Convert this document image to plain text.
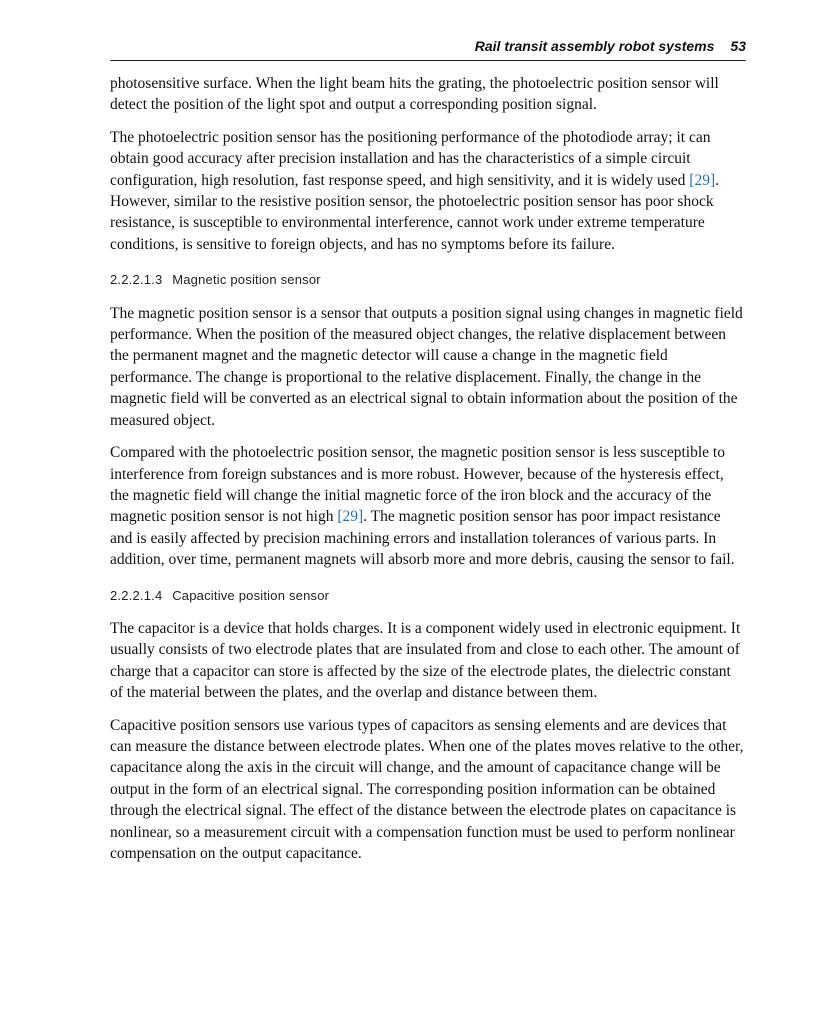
Rail transit assembly robot systems 53

photosensitive surface. When the light beam hits the grating, the photoelectric position sensor will detect the position of the light spot and output a corresponding position signal.

The photoelectric position sensor has the positioning performance of the photodiode array; it can obtain good accuracy after precision installation and has the characteristics of a simple circuit configuration, high resolution, fast response speed, and high sensitivity, and it is widely used [29]. However, similar to the resistive position sensor, the photoelectric position sensor has poor shock resistance, is susceptible to environmental interference, cannot work under extreme temperature conditions, is sensitive to foreign objects, and has no symptoms before its failure.

2.2.2.1.3 Magnetic position sensor

The magnetic position sensor is a sensor that outputs a position signal using changes in magnetic field performance. When the position of the measured object changes, the relative displacement between the permanent magnet and the magnetic detector will cause a change in the magnetic field performance. The change is proportional to the relative displacement. Finally, the change in the magnetic field will be converted as an electrical signal to obtain information about the position of the measured object.

Compared with the photoelectric position sensor, the magnetic position sensor is less susceptible to interference from foreign substances and is more robust. However, because of the hysteresis effect, the magnetic field will change the initial magnetic force of the iron block and the accuracy of the magnetic position sensor is not high [29]. The magnetic position sensor has poor impact resistance and is easily affected by precision machining errors and installation tolerances of various parts. In addition, over time, permanent magnets will absorb more and more debris, causing the sensor to fail.

2.2.2.1.4 Capacitive position sensor

The capacitor is a device that holds charges. It is a component widely used in electronic equipment. It usually consists of two electrode plates that are insulated from and close to each other. The amount of charge that a capacitor can store is affected by the size of the electrode plates, the dielectric constant of the material between the plates, and the overlap and distance between them.

Capacitive position sensors use various types of capacitors as sensing elements and are devices that can measure the distance between electrode plates. When one of the plates moves relative to the other, capacitance along the axis in the circuit will change, and the amount of capacitance change will be output in the form of an electrical signal. The corresponding position information can be obtained through the electrical signal. The effect of the distance between the electrode plates on capacitance is nonlinear, so a measurement circuit with a compensation function must be used to perform nonlinear compensation on the output capacitance.
